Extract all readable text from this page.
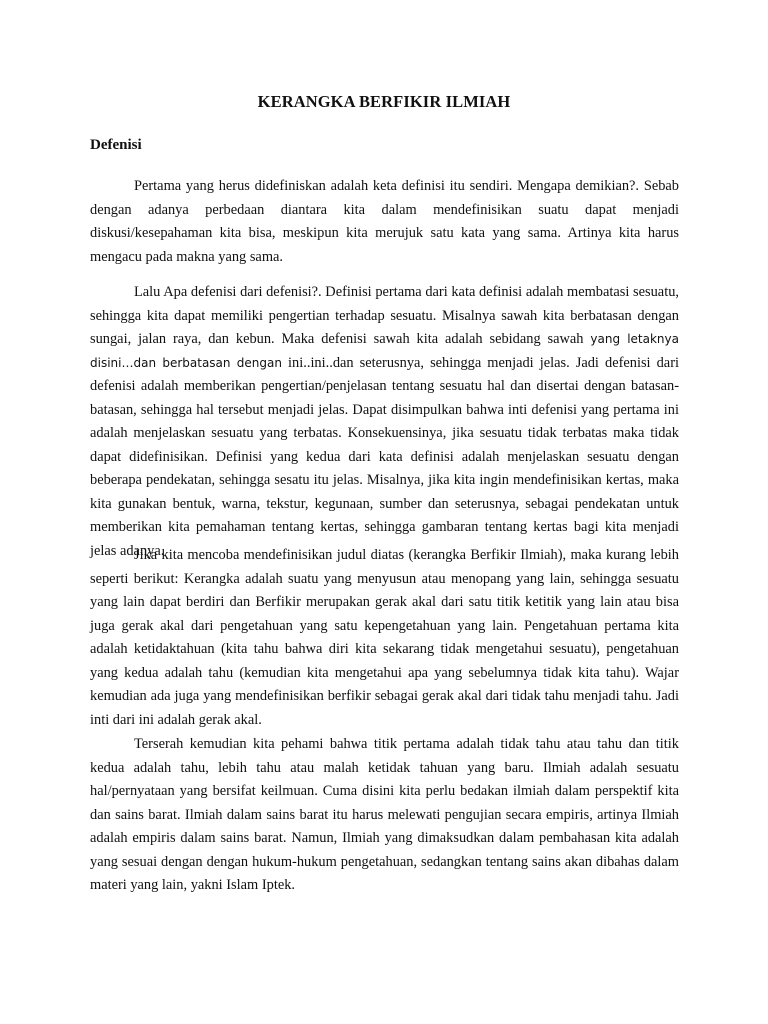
KERANGKA BERFIKIR ILMIAH
Defenisi

Pertama yang herus didefiniskan adalah keta definisi itu sendiri. Mengapa demikian?. Sebab dengan adanya perbedaan diantara kita dalam mendefinisikan suatu dapat menjadi diskusi/kesepahaman kita bisa, meskipun kita merujuk satu kata yang sama. Artinya kita harus mengacu pada makna yang sama.

Lalu Apa defenisi dari defenisi?. Definisi pertama dari kata definisi adalah membatasi sesuatu, sehingga kita dapat memiliki pengertian terhadap sesuatu. Misalnya sawah kita berbatasan dengan sungai, jalan raya, dan kebun. Maka defenisi sawah kita adalah sebidang sawah yang letaknya disini…dan berbatasan dengan ini..ini..dan seterusnya, sehingga menjadi jelas. Jadi defenisi dari defenisi adalah memberikan pengertian/penjelasan tentang sesuatu hal dan disertai dengan batasan-batasan, sehingga hal tersebut menjadi jelas. Dapat disimpulkan bahwa inti defenisi yang pertama ini adalah menjelaskan sesuatu yang terbatas. Konsekuensinya, jika sesuatu tidak terbatas maka tidak dapat didefinisikan. Definisi yang kedua dari kata definisi adalah menjelaskan sesuatu dengan beberapa pendekatan, sehingga sesatu itu jelas. Misalnya, jika kita ingin mendefinisikan kertas, maka kita gunakan bentuk, warna, tekstur, kegunaan, sumber dan seterusnya, sebagai pendekatan untuk memberikan kita pemahaman tentang kertas, sehingga gambaran tentang kertas bagi kita menjadi jelas adanya.

Jika kita mencoba mendefinisikan judul diatas (kerangka Berfikir Ilmiah), maka kurang lebih seperti berikut: Kerangka adalah suatu yang menyusun atau menopang yang lain, sehingga sesuatu yang lain dapat berdiri dan Berfikir merupakan gerak akal dari satu titik ketitik yang lain atau bisa juga gerak akal dari pengetahuan yang satu kepengetahuan yang lain. Pengetahuan pertama kita adalah ketidaktahuan (kita tahu bahwa diri kita sekarang tidak mengetahui sesuatu), pengetahuan yang kedua adalah tahu (kemudian kita mengetahui apa yang sebelumnya tidak kita tahu). Wajar kemudian ada juga yang mendefinisikan berfikir sebagai gerak akal dari tidak tahu menjadi tahu. Jadi inti dari ini adalah gerak akal.

Terserah kemudian kita pehami bahwa titik pertama adalah tidak tahu atau tahu dan titik kedua adalah tahu, lebih tahu atau malah ketidak tahuan yang baru. Ilmiah adalah sesuatu hal/pernyataan yang bersifat keilmuan. Cuma disini kita perlu bedakan ilmiah dalam perspektif kita dan sains barat. Ilmiah dalam sains barat itu harus melewati pengujian secara empiris, artinya Ilmiah adalah empiris dalam sains barat. Namun, Ilmiah yang dimaksudkan dalam pembahasan kita adalah yang sesuai dengan dengan hukum-hukum pengetahuan, sedangkan tentang sains akan dibahas dalam materi yang lain, yakni Islam Iptek.
